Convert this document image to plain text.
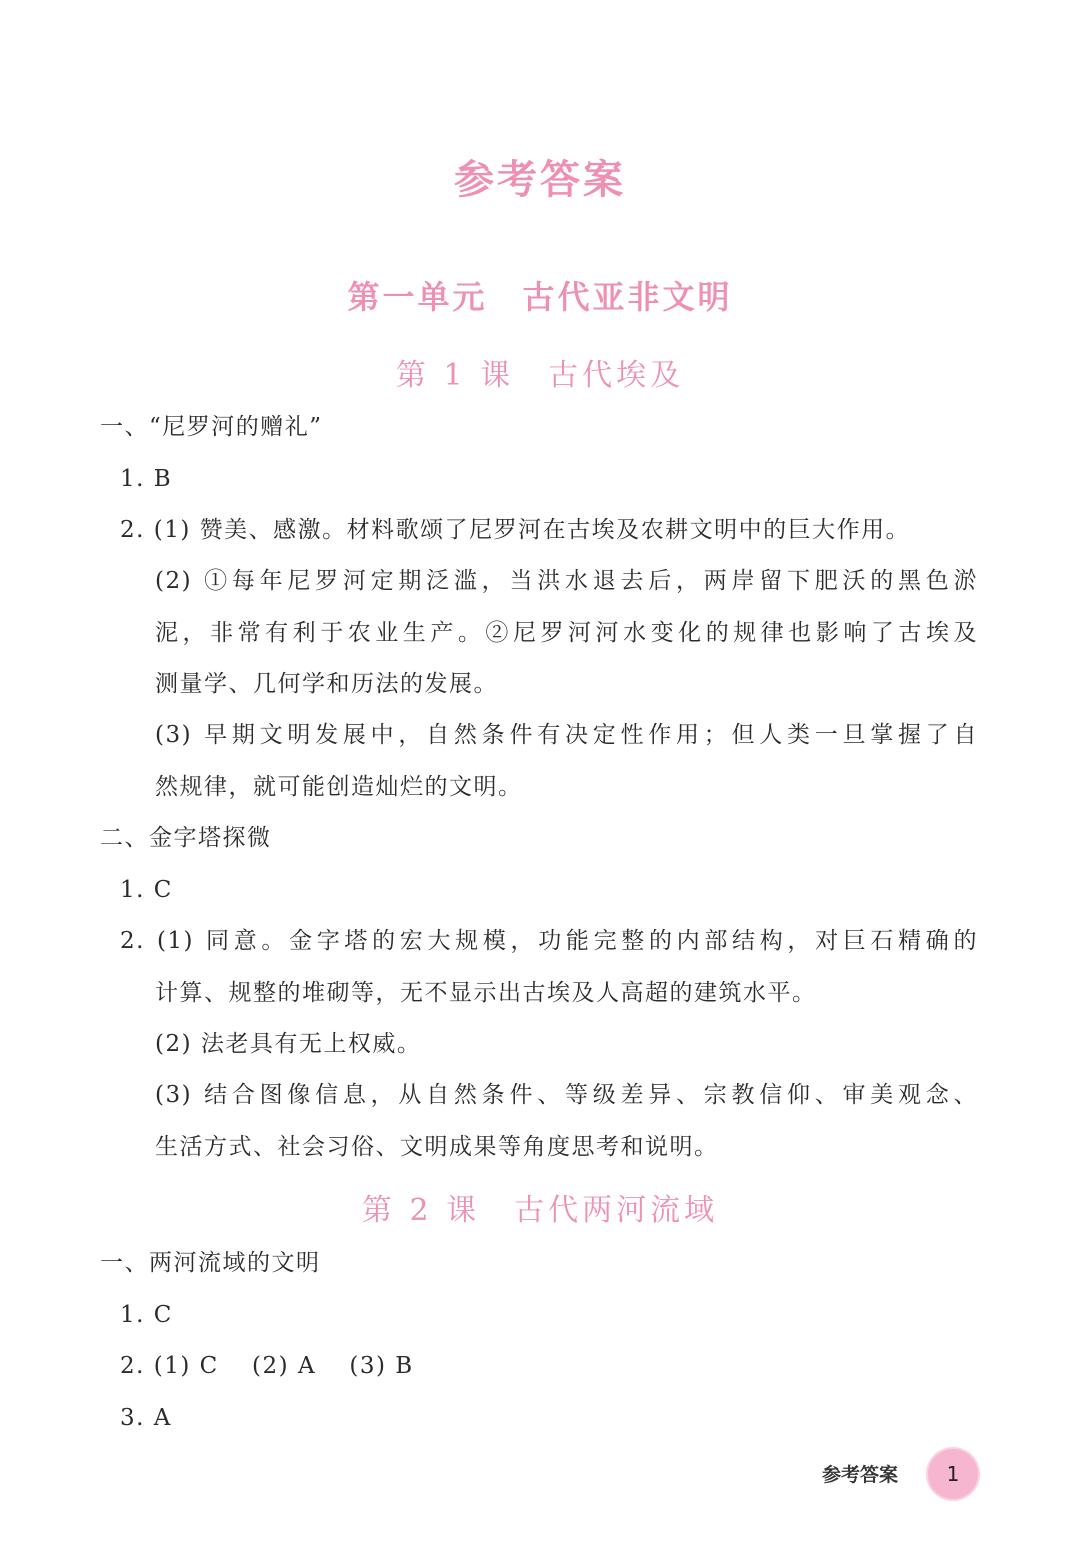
参考答案
第一单元　古代亚非文明
第 1 课　古代埃及
一、“尼罗河的赠礼”
1. B
2. (1) 赞美、感激。材料歌颂了尼罗河在古埃及农耕文明中的巨大作用。
(2) ①每年尼罗河定期泛滥，当洪水退去后，两岸留下肥沃的黑色淤
泥，非常有利于农业生产。②尼罗河河水变化的规律也影响了古埃及
测量学、几何学和历法的发展。
(3) 早期文明发展中，自然条件有决定性作用；但人类一旦掌握了自
然规律，就可能创造灿烂的文明。
二、金字塔探微
1. C
2. (1) 同意。金字塔的宏大规模，功能完整的内部结构，对巨石精确的
计算、规整的堆砌等，无不显示出古埃及人高超的建筑水平。
(2) 法老具有无上权威。
(3) 结合图像信息，从自然条件、等级差异、宗教信仰、审美观念、
生活方式、社会习俗、文明成果等角度思考和说明。
第 2 课　古代两河流域
一、两河流域的文明
1. C
2. (1) C　 (2) A　 (3) B
3. A
参考答案 1
